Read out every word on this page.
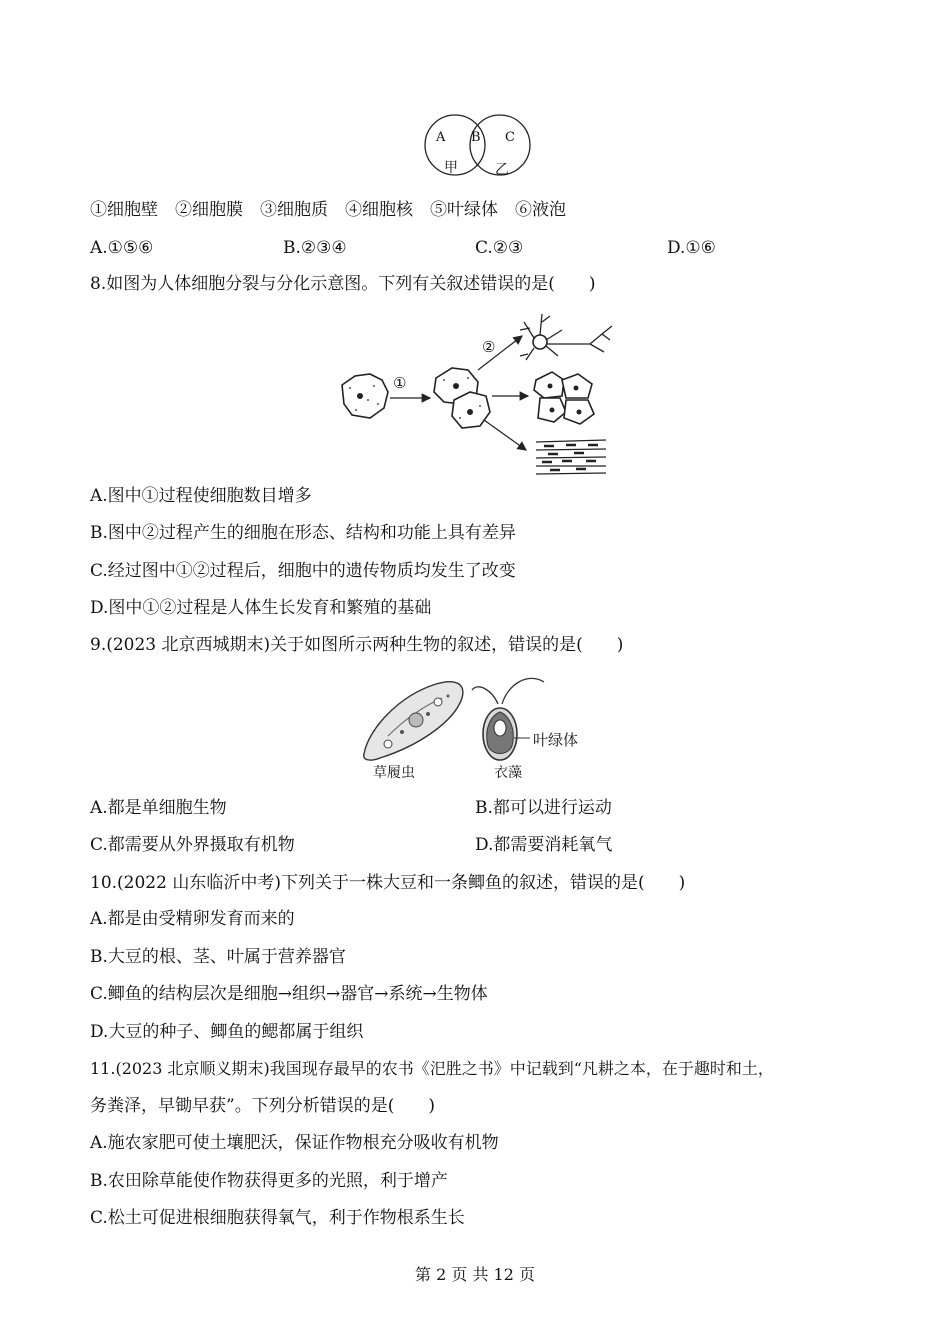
A B C
甲	乙
①细胞壁　②细胞膜　③细胞质　④细胞核　⑤叶绿体　⑥液泡
A.①⑤⑥	B.②③④	C.②③	D.①⑥
8.如图为人体细胞分裂与分化示意图。下列有关叙述错误的是(　　)
①
②
A.图中①过程使细胞数目增多
B.图中②过程产生的细胞在形态、结构和功能上具有差异
C.经过图中①②过程后，细胞中的遗传物质均发生了改变
D.图中①②过程是人体生长发育和繁殖的基础
9.(2023 北京西城期末)关于如图所示两种生物的叙述，错误的是(　　)
叶绿体
草履虫	衣藻
A.都是单细胞生物	B.都可以进行运动
C.都需要从外界摄取有机物	D.都需要消耗氧气
10.(2022 山东临沂中考)下列关于一株大豆和一条鲫鱼的叙述，错误的是(　　)
A.都是由受精卵发育而来的
B.大豆的根、茎、叶属于营养器官
C.鲫鱼的结构层次是细胞→组织→器官→系统→生物体
D.大豆的种子、鲫鱼的鳃都属于组织
11.(2023 北京顺义期末)我国现存最早的农书《汜胜之书》中记载到“凡耕之本，在于趣时和土，
务粪泽，早锄早获”。下列分析错误的是(　　)
A.施农家肥可使土壤肥沃，保证作物根充分吸收有机物
B.农田除草能使作物获得更多的光照，利于增产
C.松土可促进根细胞获得氧气，利于作物根系生长
第 2 页 共 12 页
